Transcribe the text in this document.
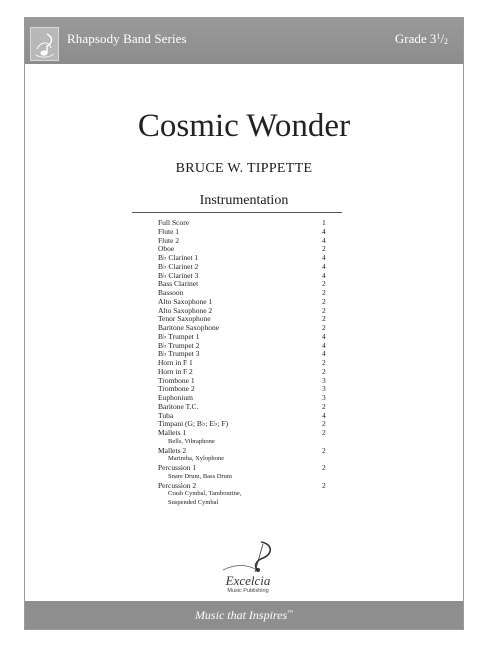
Rhapsody Band Series	Grade $3^1/_2$
Cosmic Wonder
BRUCE W. TIPPETTE
Instrumentation
Full Score	1
Flute 1	4
Flute 2	4
Oboe	2
B♭ Clarinet 1	4
B♭ Clarinet 2	4
B♭ Clarinet 3	4
Bass Clarinet	2
Bassoon	2
Alto Saxophone 1	2
Alto Saxophone 2	2
Tenor Saxophone	2
Baritone Saxophone	2
B♭ Trumpet 1	4
B♭ Trumpet 2	4
B♭ Trumpet 3	4
Horn in F 1	2
Horn in F 2	2
Trombone 1	3
Trombone 2	3
Euphonium	3
Baritone T.C.	2
Tuba	4
Timpani (G; B♭; E♭; F)	2
Mallets 1	2
Bells, Vibraphone
Mallets 2	2
Marimba, Xylophone
Percussion 1	2
Snare Drum, Bass Drum
Percussion 2	2
Crash Cymbal, Tambourine,
Suspended Cymbal
Excelcia
Music Publishing
Music that Inspires™
